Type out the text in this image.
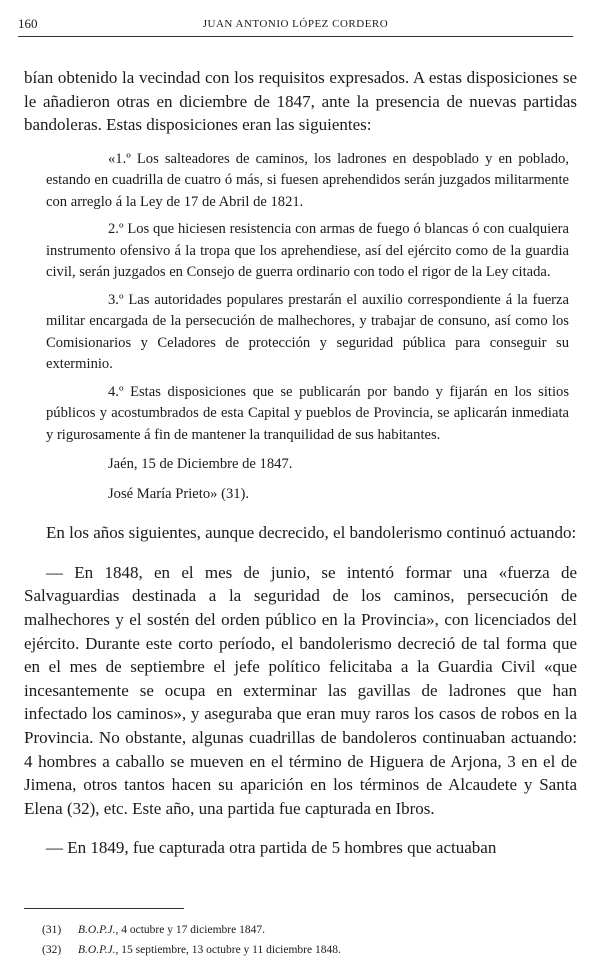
160	JUAN ANTONIO LÓPEZ CORDERO

bían obtenido la vecindad con los requisitos expresados. A estas disposiciones se le añadieron otras en diciembre de 1847, ante la presencia de nuevas partidas bandoleras. Estas disposiciones eran las siguientes:

«1.º Los salteadores de caminos, los ladrones en despoblado y en poblado, estando en cuadrilla de cuatro ó más, si fuesen aprehendidos serán juzgados militarmente con arreglo á la Ley de 17 de Abril de 1821.

2.º Los que hiciesen resistencia con armas de fuego ó blancas ó con cualquiera instrumento ofensivo á la tropa que los aprehendiese, así del ejército como de la guardia civil, serán juzgados en Consejo de guerra ordinario con todo el rigor de la Ley citada.

3.º Las autoridades populares prestarán el auxilio correspondiente á la fuerza militar encargada de la persecución de malhechores, y trabajar de consuno, así como los Comisionarios y Celadores de protección y seguridad pública para conseguir su exterminio.

4.º Estas disposiciones que se publicarán por bando y fijarán en los sitios públicos y acostumbrados de esta Capital y pueblos de Provincia, se aplicarán inmediata y rigurosamente á fin de mantener la tranquilidad de sus habitantes.

Jaén, 15 de Diciembre de 1847.

José María Prieto» (31).

En los años siguientes, aunque decrecido, el bandolerismo continuó actuando:

— En 1848, en el mes de junio, se intentó formar una «fuerza de Salvaguardias destinada a la seguridad de los caminos, persecución de malhechores y el sostén del orden público en la Provincia», con licenciados del ejército. Durante este corto período, el bandolerismo decreció de tal forma que en el mes de septiembre el jefe político felicitaba a la Guardia Civil «que incesantemente se ocupa en exterminar las gavillas de ladrones que han infectado los caminos», y aseguraba que eran muy raros los casos de robos en la Provincia. No obstante, algunas cuadrillas de bandoleros continuaban actuando: 4 hombres a caballo se mueven en el término de Higuera de Arjona, 3 en el de Jimena, otros tantos hacen su aparición en los términos de Alcaudete y Santa Elena (32), etc. Este año, una partida fue capturada en Ibros.

— En 1849, fue capturada otra partida de 5 hombres que actuaban

(31) B.O.P.J., 4 octubre y 17 diciembre 1847.
(32) B.O.P.J., 15 septiembre, 13 octubre y 11 diciembre 1848.
